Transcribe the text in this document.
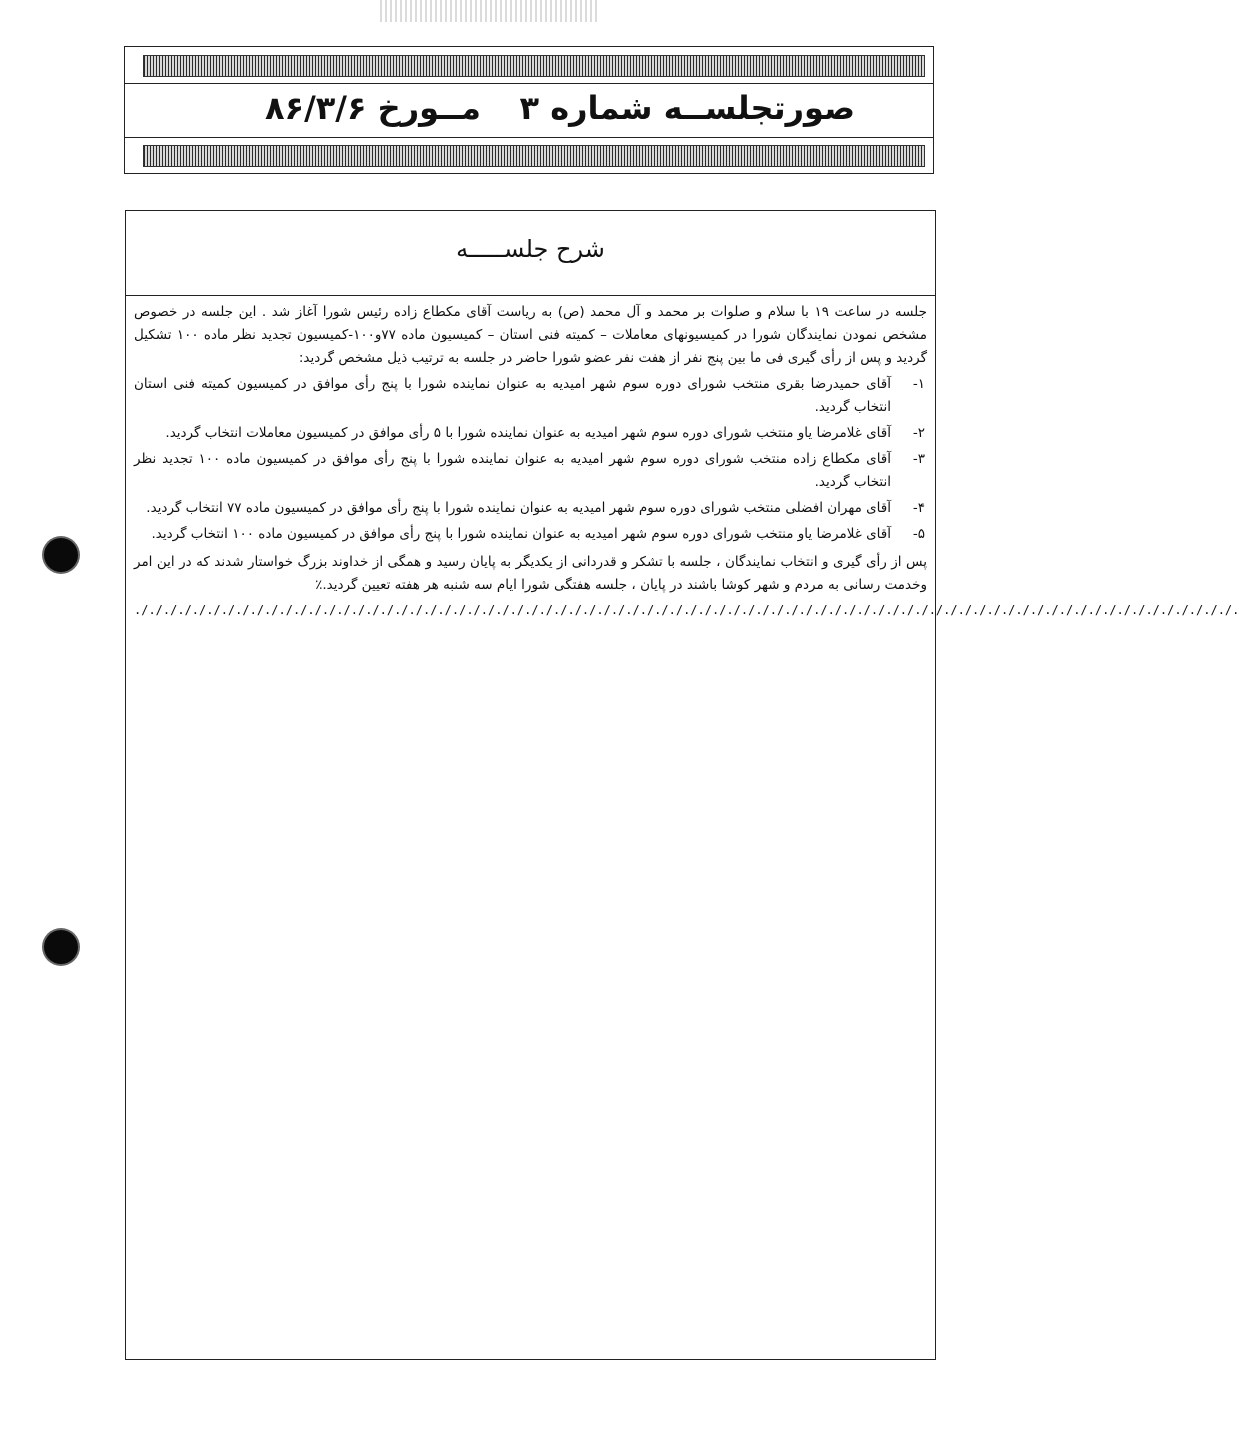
صورتجلســه شماره ۳
مــورخ ۸۶/۳/۶
شرح جلســـــه

جلسه در ساعت ۱۹ با سلام و صلوات بر محمد و آل محمد (ص) به ریاست آقای مکطاع زاده رئیس شورا آغاز شد . این جلسه در خصوص مشخص نمودن نمایندگان شورا در کمیسیونهای معاملات – کمیته فنی استان – کمیسیون ماده ۷۷و۱۰۰-کمیسیون تجدید نظر ماده ۱۰۰ تشکیل گردید و پس از رأی گیری فی ما بین پنج نفر از هفت نفر عضو شورا حاضر در جلسه به ترتیب ذیل مشخص گردید:

۱-
آقای حمیدرضا بقری منتخب شورای دوره سوم شهر امیدیه به عنوان نماینده شورا با پنج رأی موافق در کمیسیون کمیته فنی استان انتخاب گردید.
۲-
آقای غلامرضا یاو منتخب شورای دوره سوم شهر امیدیه به عنوان نماینده شورا با ۵ رأی موافق در کمیسیون معاملات انتخاب گردید.
۳-
آقای مکطاع زاده منتخب شورای دوره سوم شهر امیدیه به عنوان نماینده شورا با پنج رأی موافق در کمیسیون ماده ۱۰۰ تجدید نظر انتخاب گردید.
۴-
آقای مهران افضلی منتخب شورای دوره سوم شهر امیدیه به عنوان نماینده شورا با پنج رأی موافق در کمیسیون ماده ۷۷ انتخاب گردید.
۵-
آقای غلامرضا یاو منتخب شورای دوره سوم شهر امیدیه به عنوان نماینده شورا با پنج رأی موافق در کمیسیون ماده ۱۰۰ انتخاب گردید.

پس از رأی گیری و انتخاب نمایندگان ، جلسه با تشکر و قدردانی از یکدیگر به پایان رسید و همگی از خداوند بزرگ خواستار شدند که در این امر وخدمت رسانی به مردم و شهر کوشا باشند در پایان ، جلسه هفتگی شورا ایام سه شنبه هر هفته تعیین گردید.٪

././././././././././././././././././././././././././././././././././././././././././././././././././././././././././././././././././././././././././././.
